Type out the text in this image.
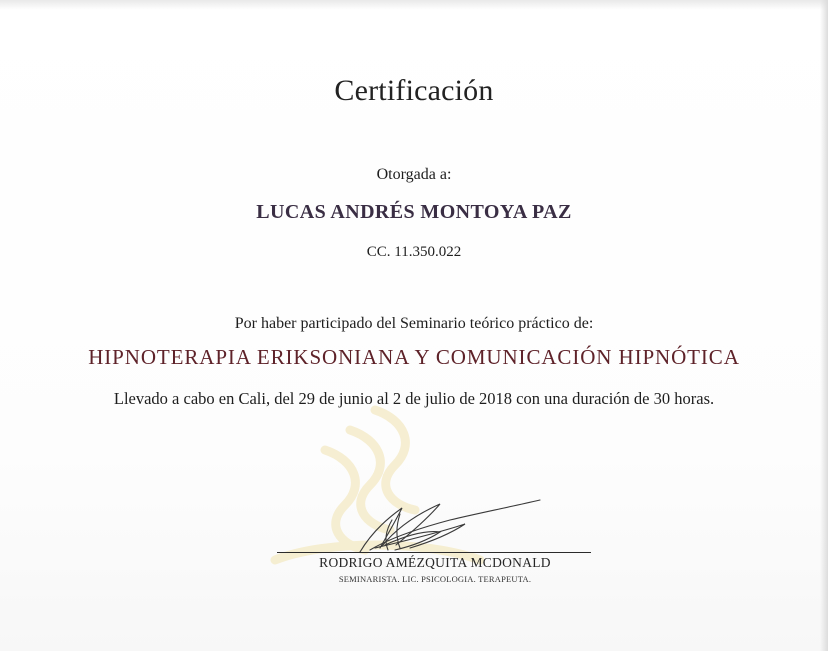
Certificación
Otorgada a:
LUCAS ANDRÉS MONTOYA PAZ
CC. 11.350.022
Por haber participado del Seminario teórico práctico de:
HIPNOTERAPIA ERIKSONIANA Y COMUNICACIÓN HIPNÓTICA
Llevado a cabo en Cali, del 29 de junio al 2 de julio de 2018 con una duración de 30 horas.
RODRIGO AMÉZQUITA MCDONALD
SEMINARISTA. LIC. PSICOLOGIA. TERAPEUTA.
